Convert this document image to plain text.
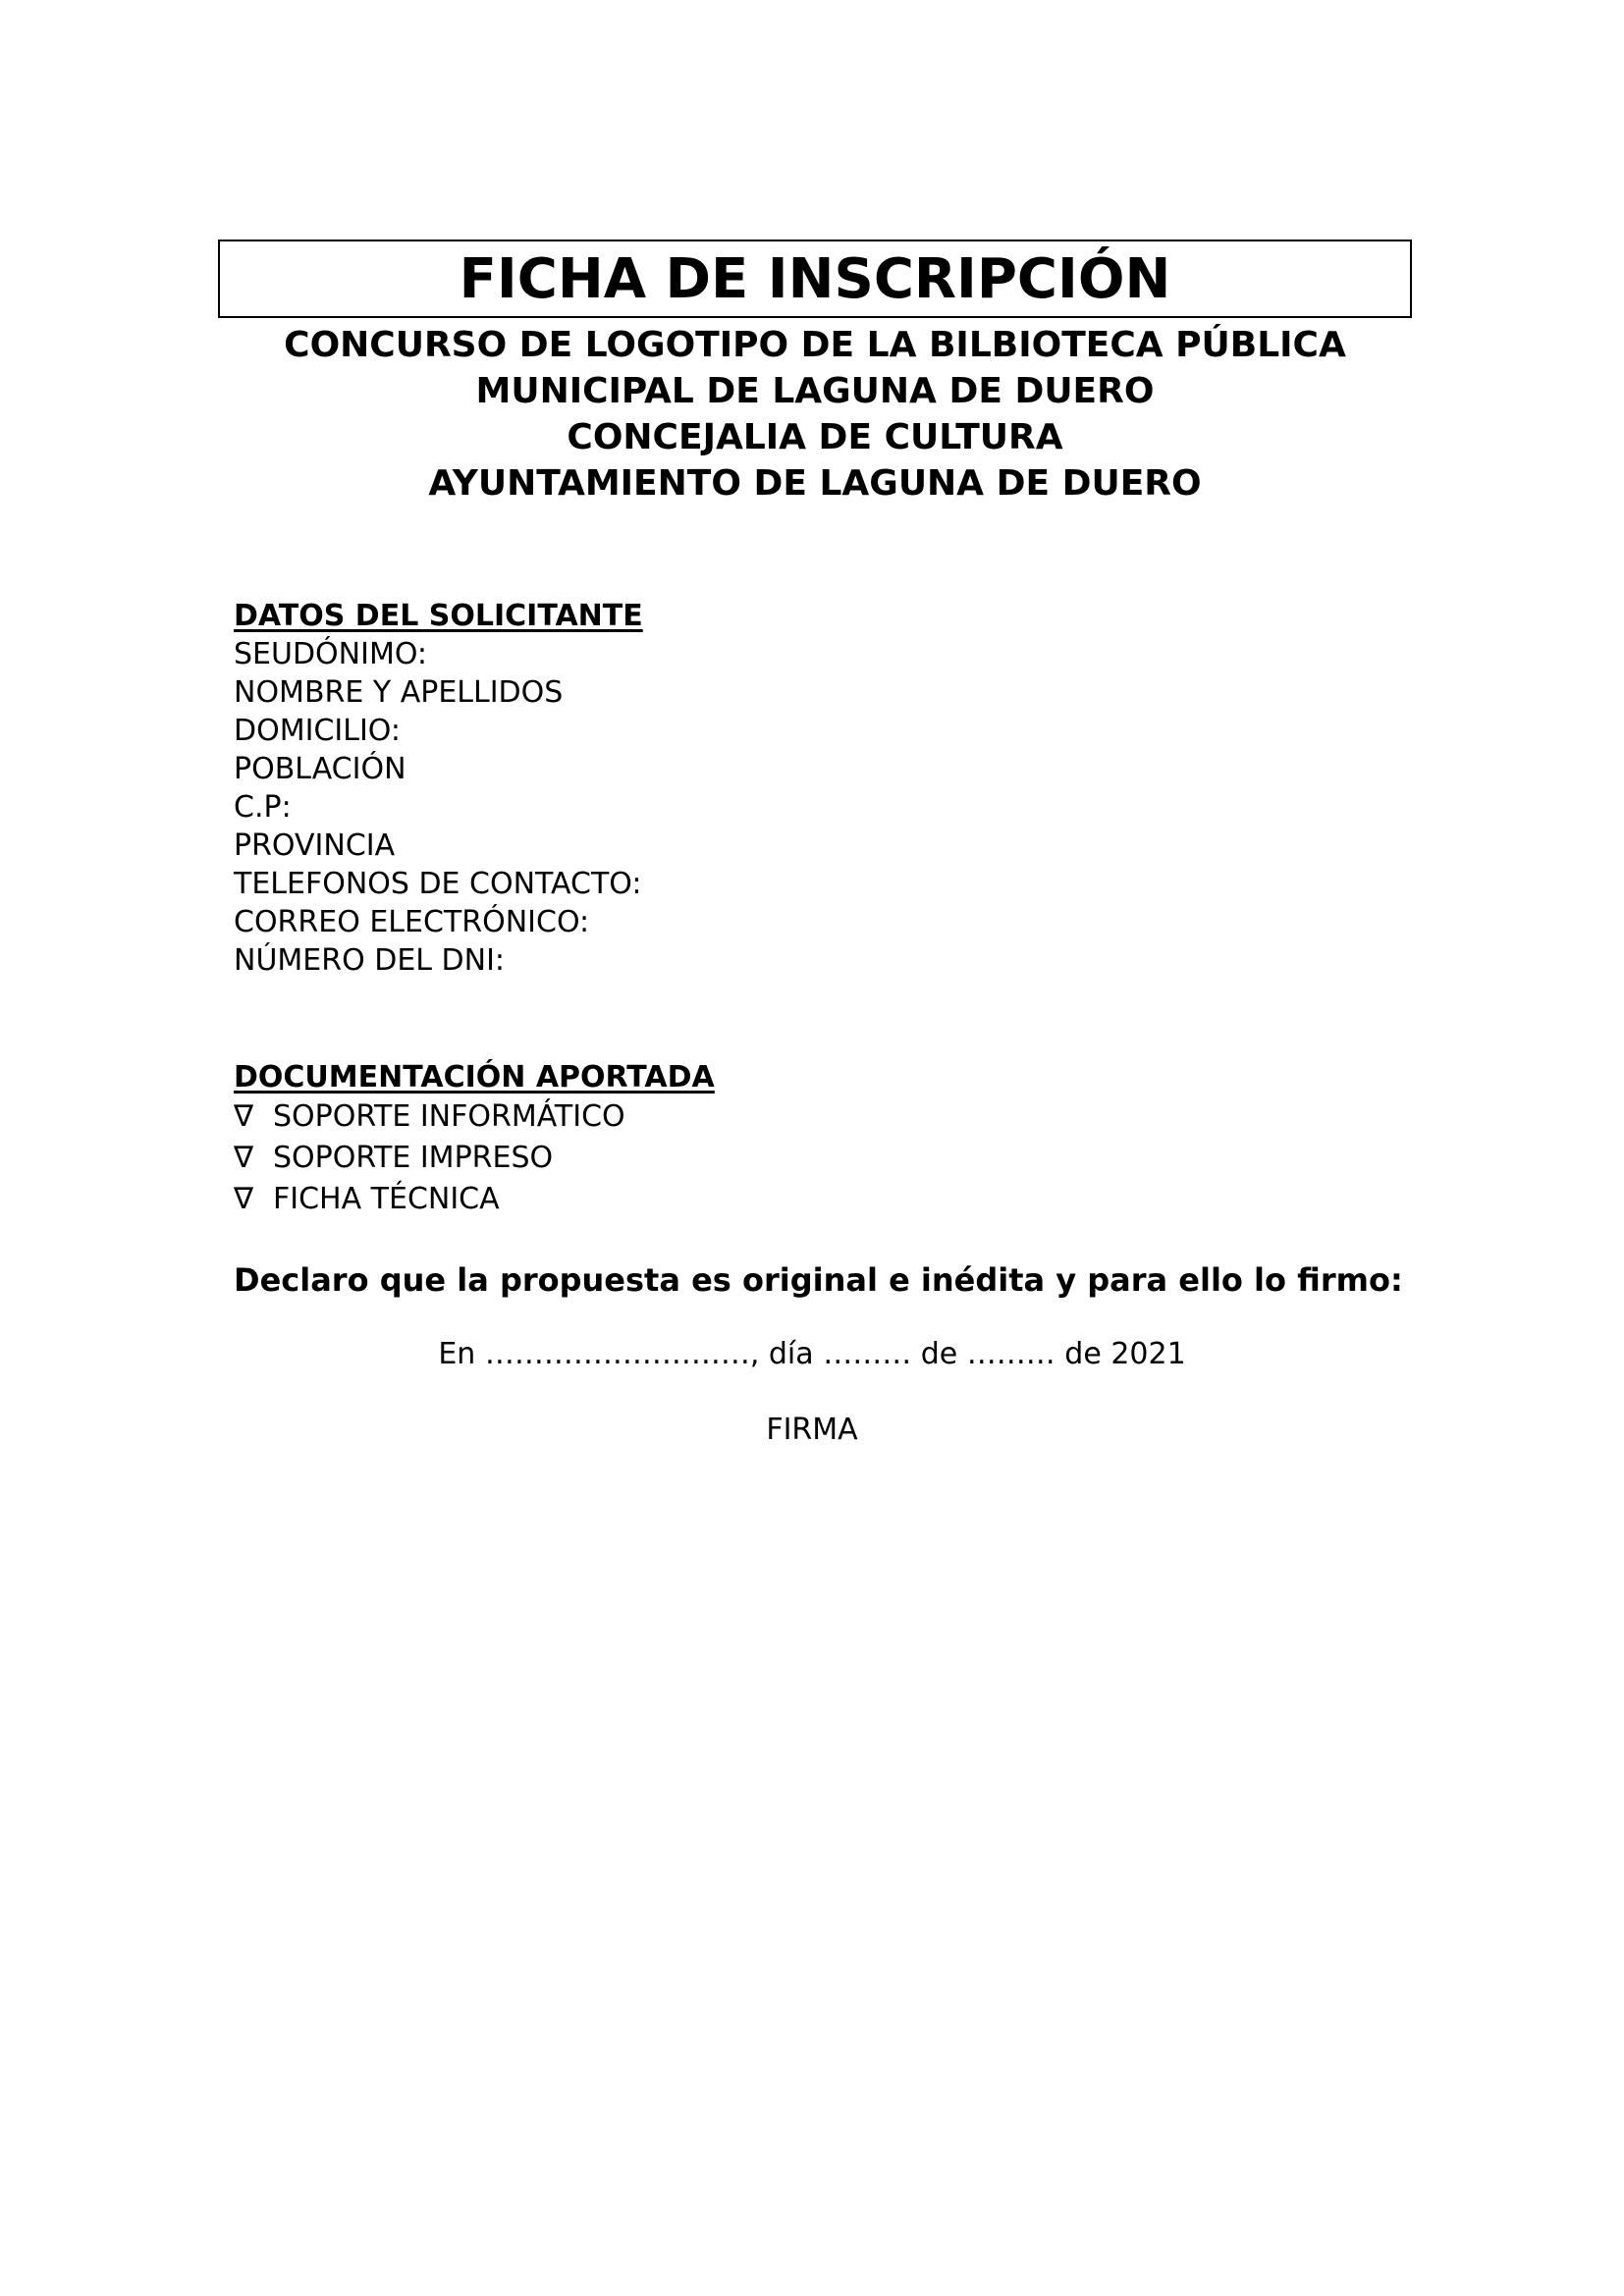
FICHA DE INSCRIPCIÓN
CONCURSO DE LOGOTIPO DE LA BILBIOTECA PÚBLICA
MUNICIPAL DE LAGUNA DE DUERO
CONCEJALIA DE CULTURA
AYUNTAMIENTO DE LAGUNA DE DUERO
DATOS DEL SOLICITANTE
SEUDÓNIMO:
NOMBRE Y APELLIDOS
DOMICILIO:
POBLACIÓN
C.P:
PROVINCIA
TELEFONOS DE CONTACTO:
CORREO ELECTRÓNICO:
NÚMERO DEL DNI:
DOCUMENTACIÓN APORTADA
∇ SOPORTE INFORMÁTICO
∇ SOPORTE IMPRESO
∇ FICHA TÉCNICA
Declaro que la propuesta es original e inédita y para ello lo firmo:
En ………………………, día ……… de ……… de 2021
FIRMA
